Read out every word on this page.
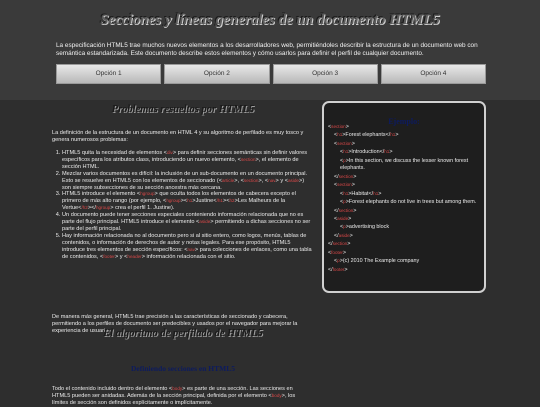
Secciones y líneas generales de un documento HTML5

La especificación HTML5 trae muchos nuevos elementos a los desarrolladores web, permitiéndoles describir la estructura de un documento web con semántica estandarizada. Este documento describe estos elementos y cómo usarlos para definir el perfil de cualquier documento.

Opción 1	Opción 2	Opción 3	Opción 4
Problemas resueltos por HTML5

La definición de la estructura de un documento en HTML 4 y su algoritmo de perfilado es muy tosco y genera numerosos problemas:

1. HTML5 quita la necesidad de elementos <div> para definir secciones semánticas sin definir valores específicos para los atributos class, introduciendo un nuevo elemento, <section>, el elemento de sección HTML.
2. Mezclar varios documentos es difícil: la inclusión de un sub-documento en un documento principal. Esto se resuelve en HTML5 con los elementos de seccionado (<article>, <section>, <nav> y <aside>) son siempre subsecciones de su sección ancestra más cercana.
3. HTML5 introduce el elemento <hgroup> que oculta todos los elementos de cabecera excepto el primero de más alto rango (por ejemplo, <hgroup><h1>Justine</h1><h2>Les Malheurs de la Vertue</h2></hgroup> crea el perfil 1. Justine).
4. Un documento puede tener secciones especiales conteniendo información relacionada que no es parte del flujo principal. HTML5 introduce el elemento <aside> permitiendo a dichas secciones no ser parte del perfil principal.
5. Hay información relacionada no al documento pero si al sitio entero, como logos, menús, tablas de contenidos, o información de derechos de autor y notas legales. Para ese propósito, HTML5 introduce tres elementos de sección específicos: <nav> para colecciones de enlaces, como una tabla de contenidos, <footer> y <header> información relacionada con el sitio.

De manera más general, HTML5 trae precisión a las características de seccionado y cabecera, permitiendo a los perfiles de documento ser predecibles y usados por el navegador para mejorar la experiencia de usuario.

El algoritmo de perfilado de HTML5
Definiendo secciones en HTML5

Todo el contenido incluido dentro del elemento <body> es parte de una sección. Las secciones en HTML5 pueden ser anidadas. Además de la sección principal, definida por el elemento <body>, los límites de sección son definidos explícitamente o implícitamente.

Ejemplo:
<section>
<h1>Forest elephants</h1>
<section>
<h1>Introduction</h1>
<p>In this section, we discuss the lesser known forest elephants.
</section>
<section>
<h1>Habitat</h1>
<p>Forest elephants do not live in trees but among them.
</section>
<aside>
<p>advertising block
</aside>
</section>
<footer>
<p>(c) 2010 The Example company
</footer>
